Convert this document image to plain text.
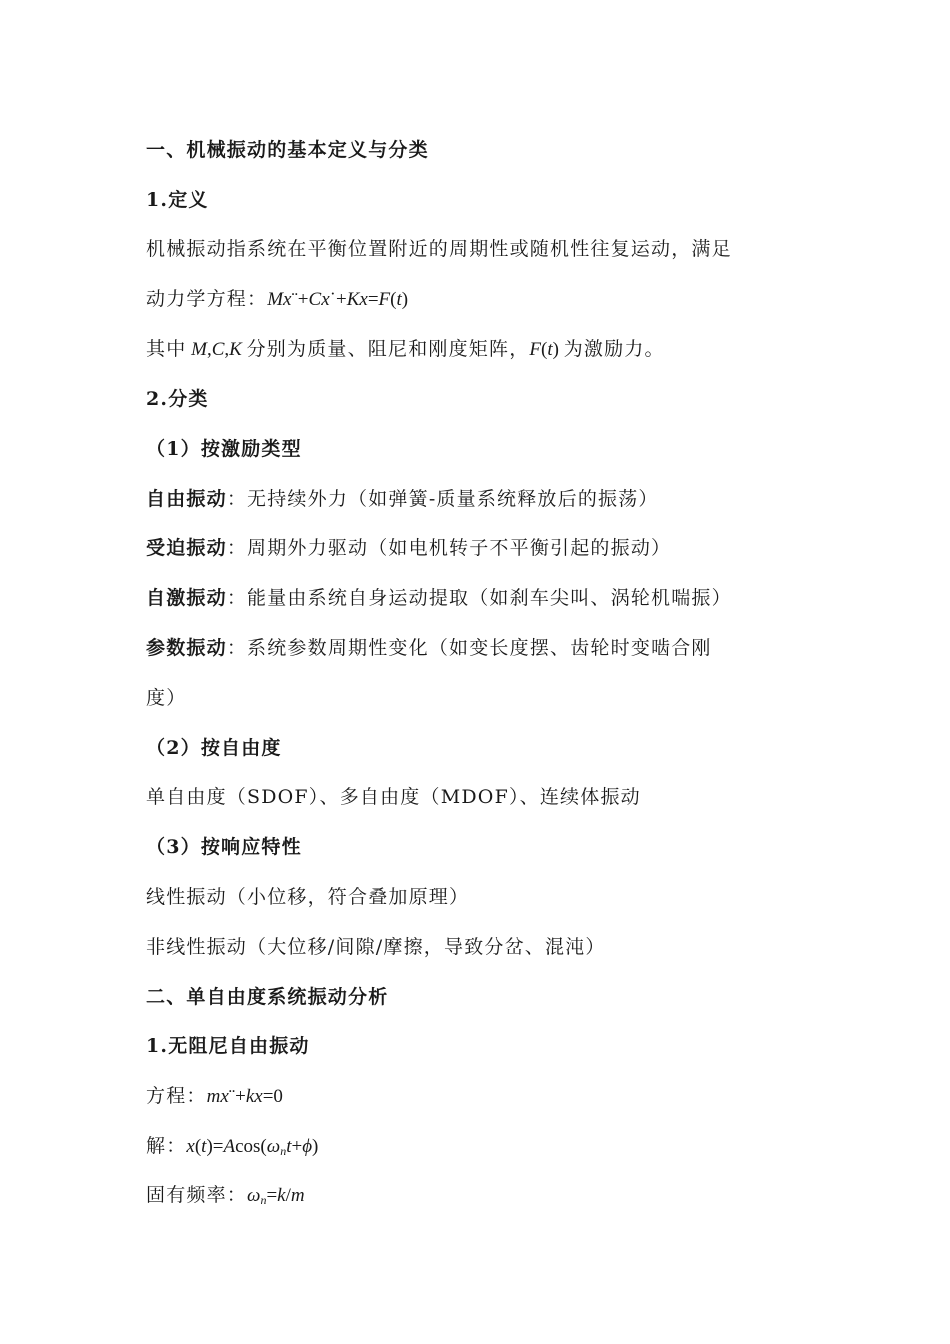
一、机械振动的基本定义与分类
1.定义
机械振动指系统在平衡位置附近的周期性或随机性往复运动，满足
动力学方程：Mx¨+Cx˙+Kx=F(t)
其中 M,C,K 分别为质量、阻尼和刚度矩阵，F(t) 为激励力。
2.分类
（1）按激励类型
自由振动：无持续外力（如弹簧-质量系统释放后的振荡）
受迫振动：周期外力驱动（如电机转子不平衡引起的振动）
自激振动：能量由系统自身运动提取（如刹车尖叫、涡轮机喘振）
参数振动：系统参数周期性变化（如变长度摆、齿轮时变啮合刚
度）
（2）按自由度
单自由度（SDOF）、多自由度（MDOF）、连续体振动
（3）按响应特性
线性振动（小位移，符合叠加原理）
非线性振动（大位移/间隙/摩擦，导致分岔、混沌）
二、单自由度系统振动分析
1.无阻尼自由振动
方程：mx¨+kx=0
解：$x(t)=Acos(\omega_nt+\phi)$
固有频率：$\omega_n=k/m$
